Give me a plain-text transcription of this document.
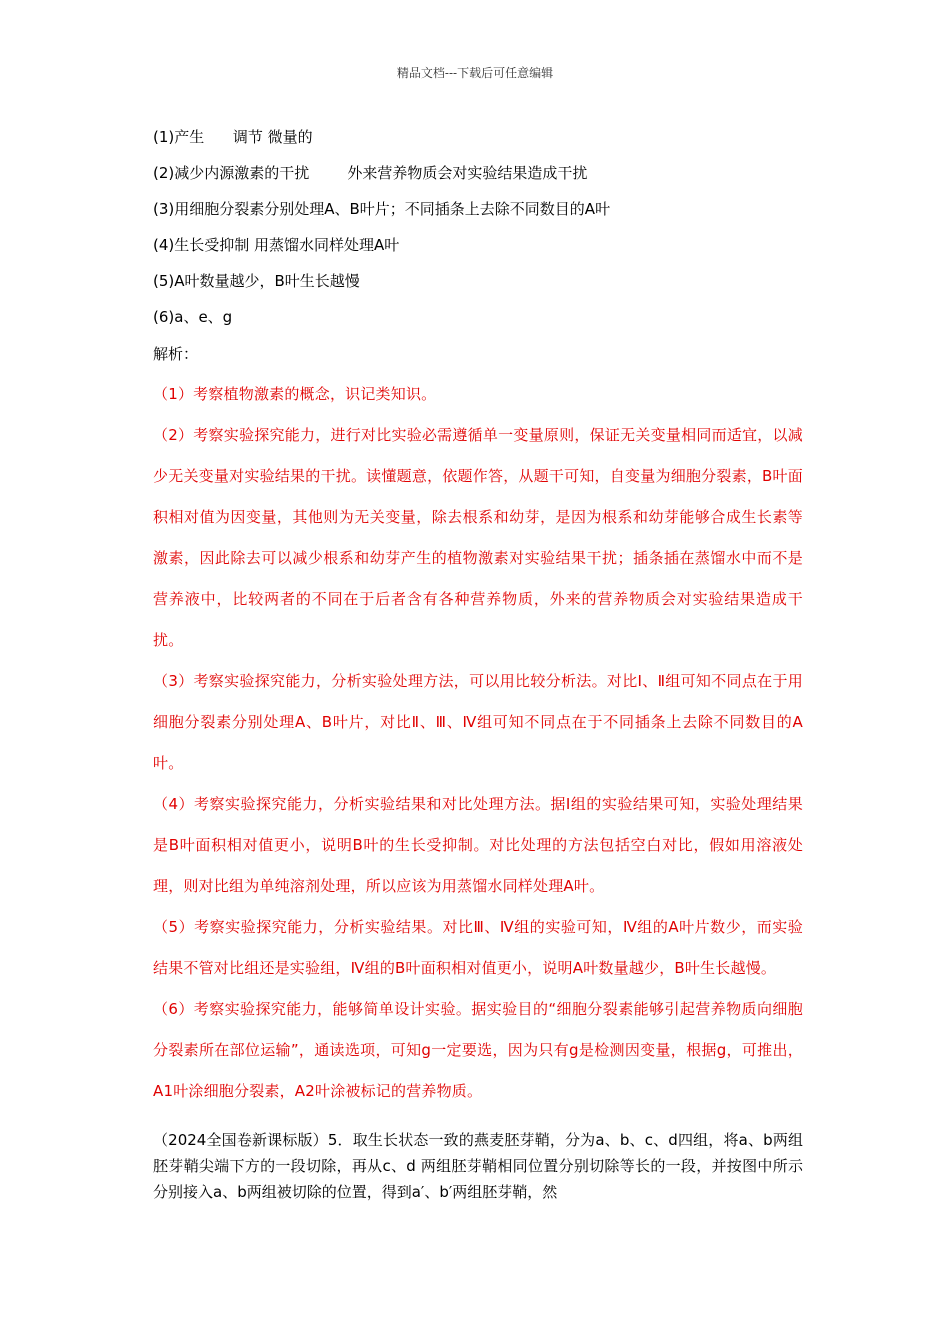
精品文档---下载后可任意编辑
(1)产生      调节 微量的
(2)减少内源激素的干扰        外来营养物质会对实验结果造成干扰
(3)用细胞分裂素分别处理A、B叶片；不同插条上去除不同数目的A叶
(4)生长受抑制 用蒸馏水同样处理A叶
(5)A叶数量越少，B叶生长越慢
(6)a、e、g
解析：
（1）考察植物激素的概念，识记类知识。
（2）考察实验探究能力，进行对比实验必需遵循单一变量原则，保证无关变量相同而适宜，以减少无关变量对实验结果的干扰。读懂题意，依题作答，从题干可知，自变量为细胞分裂素，B叶面积相对值为因变量，其他则为无关变量，除去根系和幼芽，是因为根系和幼芽能够合成生长素等激素，因此除去可以减少根系和幼芽产生的植物激素对实验结果干扰；插条插在蒸馏水中而不是营养液中，比较两者的不同在于后者含有各种营养物质，外来的营养物质会对实验结果造成干扰。
（3）考察实验探究能力，分析实验处理方法，可以用比较分析法。对比Ⅰ、Ⅱ组可知不同点在于用细胞分裂素分别处理A、B叶片，对比Ⅱ、Ⅲ、Ⅳ组可知不同点在于不同插条上去除不同数目的A叶。
（4）考察实验探究能力，分析实验结果和对比处理方法。据Ⅰ组的实验结果可知，实验处理结果是B叶面积相对值更小，说明B叶的生长受抑制。对比处理的方法包括空白对比，假如用溶液处理，则对比组为单纯溶剂处理，所以应该为用蒸馏水同样处理A叶。
（5）考察实验探究能力，分析实验结果。对比Ⅲ、Ⅳ组的实验可知，Ⅳ组的A叶片数少，而实验结果不管对比组还是实验组，Ⅳ组的B叶面积相对值更小，说明A叶数量越少，B叶生长越慢。
（6）考察实验探究能力，能够简单设计实验。据实验目的“细胞分裂素能够引起营养物质向细胞分裂素所在部位运输”，通读选项，可知g一定要选，因为只有g是检测因变量，根据g，可推出，A1叶涂细胞分裂素，A2叶涂被标记的营养物质。
（2024全国卷新课标版）5．取生长状态一致的燕麦胚芽鞘，分为a、b、c、d四组，将a、b两组胚芽鞘尖端下方的一段切除，再从c、d 两组胚芽鞘相同位置分别切除等长的一段，并按图中所示分别接入a、b两组被切除的位置，得到a′、b′两组胚芽鞘，然
